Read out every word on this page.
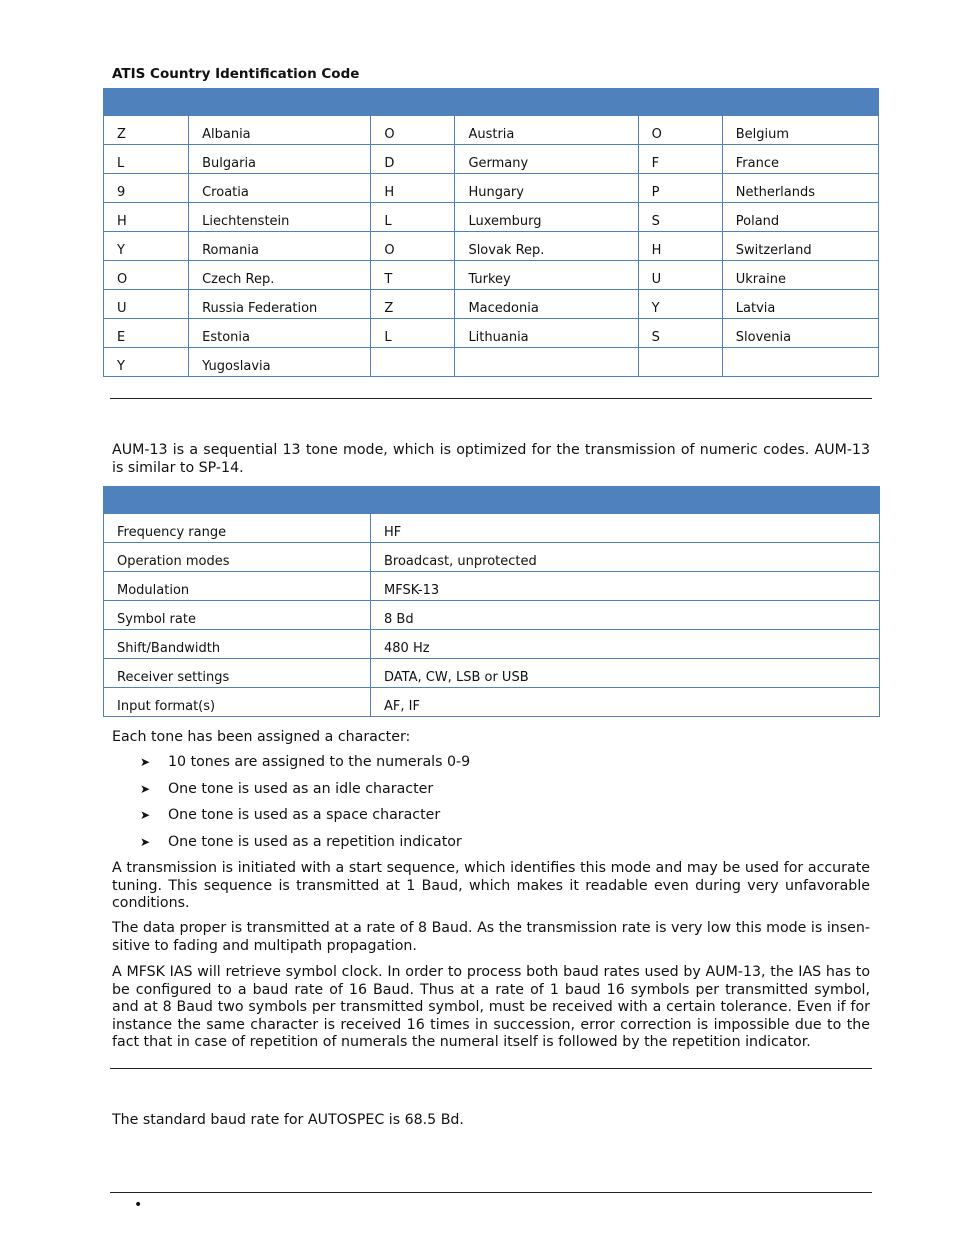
ATIS Country Identification Code

Z	Albania	O	Austria	O	Belgium
L	Bulgaria	D	Germany	F	France
9	Croatia	H	Hungary	P	Netherlands
H	Liechtenstein	L	Luxemburg	S	Poland
Y	Romania	O	Slovak Rep.	H	Switzerland
O	Czech Rep.	T	Turkey	U	Ukraine
U	Russia Federation	Z	Macedonia	Y	Latvia
E	Estonia	L	Lithuania	S	Slovenia
Y	Yugoslavia				
AUM-13 is a sequential 13 tone mode, which is optimized for the transmission of numeric codes. AUM-13 is similar to SP-14.

Frequency range	HF
Operation modes	Broadcast, unprotected
Modulation	MFSK-13
Symbol rate	8 Bd
Shift/Bandwidth	480 Hz
Receiver settings	DATA, CW, LSB or USB
Input format(s)	AF, IF
Each tone has been assigned a character:
➤	10 tones are assigned to the numerals 0-9
➤	One tone is used as an idle character
➤	One tone is used as a space character
➤	One tone is used as a repetition indicator
A transmission is initiated with a start sequence, which identifies this mode and may be used for accurate tuning. This sequence is transmitted at 1 Baud, which makes it readable even during very unfavorable conditions.
The data proper is transmitted at a rate of 8 Baud. As the transmission rate is very low this mode is insen-sitive to fading and multipath propagation.
A MFSK IAS will retrieve symbol clock. In order to process both baud rates used by AUM-13, the IAS has to be configured to a baud rate of 16 Baud. Thus at a rate of 1 baud 16 symbols per transmitted symbol, and at 8 Baud two symbols per transmitted symbol, must be received with a certain tolerance. Even if for instance the same character is received 16 times in succession, error correction is impossible due to the fact that in case of repetition of numerals the numeral itself is followed by the repetition indicator.
The standard baud rate for AUTOSPEC is 68.5 Bd.
•
